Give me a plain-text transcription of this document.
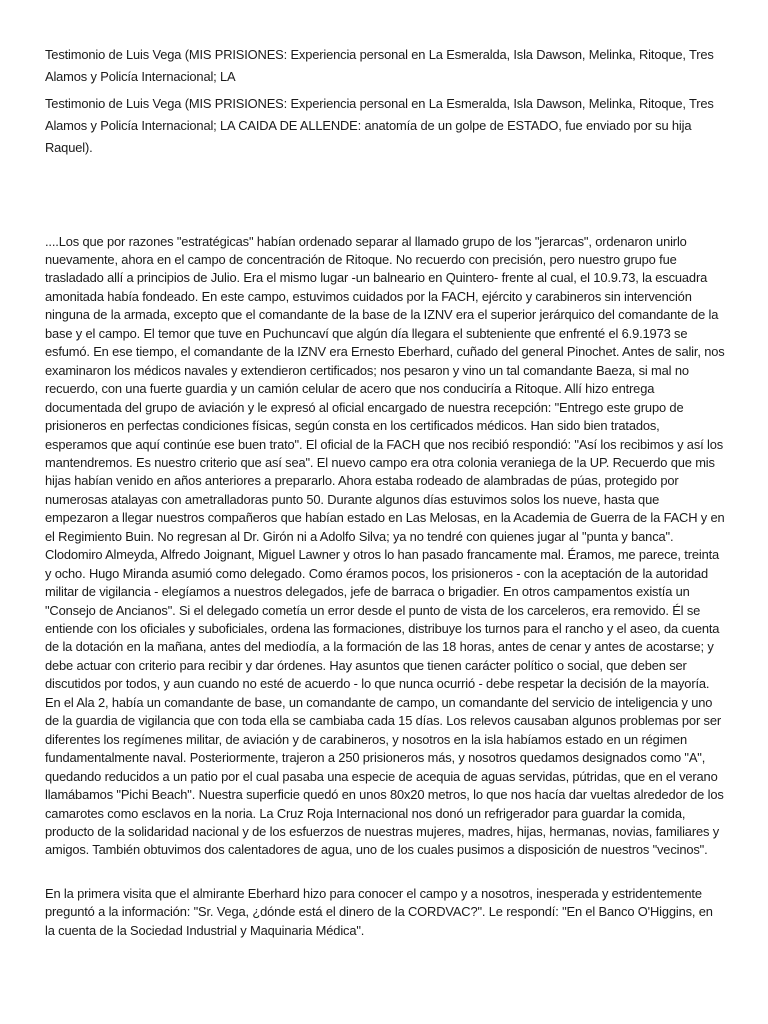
Testimonio de Luis Vega (MIS PRISIONES: Experiencia personal en La Esmeralda, Isla Dawson, Melinka, Ritoque, Tres Alamos y Policía Internacional; LA

Testimonio de Luis Vega (MIS PRISIONES: Experiencia personal en La Esmeralda, Isla Dawson, Melinka, Ritoque, Tres Alamos y Policía Internacional; LA CAIDA DE ALLENDE: anatomía de un golpe de ESTADO, fue enviado por su hija Raquel).

....Los que por razones "estratégicas" habían ordenado separar al llamado grupo de los "jerarcas", ordenaron unirlo nuevamente, ahora en el campo de concentración de Ritoque. No recuerdo con precisión, pero nuestro grupo fue trasladado allí a principios de Julio. Era el mismo lugar -un balneario en Quintero- frente al cual, el 10.9.73, la escuadra amonitada había fondeado. En este campo, estuvimos cuidados por la FACH, ejército y carabineros sin intervención ninguna de la armada, excepto que el comandante de la base de la IZNV era el superior jerárquico del comandante de la base y el campo. El temor que tuve en Puchuncaví que algún día llegara el subteniente que enfrenté el 6.9.1973 se esfumó. En ese tiempo, el comandante de la IZNV era Ernesto Eberhard, cuñado del general Pinochet. Antes de salir, nos examinaron los médicos navales y extendieron certificados; nos pesaron y vino un tal comandante Baeza, si mal no recuerdo, con una fuerte guardia y un camión celular de acero que nos conduciría a Ritoque. Allí hizo entrega documentada del grupo de aviación y le expresó al oficial encargado de nuestra recepción: "Entrego este grupo de prisioneros en perfectas condiciones físicas, según consta en los certificados médicos. Han sido bien tratados, esperamos que aquí continúe ese buen trato". El oficial de la FACH que nos recibió respondió: "Así los recibimos y así los mantendremos. Es nuestro criterio que así sea". El nuevo campo era otra colonia veraniega de la UP. Recuerdo que mis hijas habían venido en años anteriores a prepararlo. Ahora estaba rodeado de alambradas de púas, protegido por numerosas atalayas con ametralladoras punto 50. Durante algunos días estuvimos solos los nueve, hasta que empezaron a llegar nuestros compañeros que habían estado en Las Melosas, en la Academia de Guerra de la FACH y en el Regimiento Buin. No regresan al Dr. Girón ni a Adolfo Silva; ya no tendré con quienes jugar al "punta y banca". Clodomiro Almeyda, Alfredo Joignant, Miguel Lawner y otros lo han pasado francamente mal. Éramos, me parece, treinta y ocho. Hugo Miranda asumió como delegado. Como éramos pocos, los prisioneros - con la aceptación de la autoridad militar de vigilancia - elegíamos a nuestros delegados, jefe de barraca o brigadier. En otros campamentos existía un "Consejo de Ancianos". Si el delegado cometía un error desde el punto de vista de los carceleros, era removido. Él se entiende con los oficiales y suboficiales, ordena las formaciones, distribuye los turnos para el rancho y el aseo, da cuenta de la dotación en la mañana, antes del mediodía, a la formación de las 18 horas, antes de cenar y antes de acostarse; y debe actuar con criterio para recibir y dar órdenes. Hay asuntos que tienen carácter político o social, que deben ser discutidos por todos, y aun cuando no esté de acuerdo - lo que nunca ocurrió - debe respetar la decisión de la mayoría. En el Ala 2, había un comandante de base, un comandante de campo, un comandante del servicio de inteligencia y uno de la guardia de vigilancia que con toda ella se cambiaba cada 15 días. Los relevos causaban algunos problemas por ser diferentes los regímenes militar, de aviación y de carabineros, y nosotros en la isla habíamos estado en un régimen fundamentalmente naval. Posteriormente, trajeron a 250 prisioneros más, y nosotros quedamos designados como "A", quedando reducidos a un patio por el cual pasaba una especie de acequia de aguas servidas, pútridas, que en el verano llamábamos "Pichi Beach". Nuestra superficie quedó en unos 80x20 metros, lo que nos hacía dar vueltas alrededor de los camarotes como esclavos en la noria. La Cruz Roja Internacional nos donó un refrigerador para guardar la comida, producto de la solidaridad nacional y de los esfuerzos de nuestras mujeres, madres, hijas, hermanas, novias, familiares y amigos. También obtuvimos dos calentadores de agua, uno de los cuales pusimos a disposición de nuestros "vecinos".

En la primera visita que el almirante Eberhard hizo para conocer el campo y a nosotros, inesperada y estridentemente preguntó a la información: "Sr. Vega, ¿dónde está el dinero de la CORDVAC?". Le respondí: "En el Banco O'Higgins, en la cuenta de la Sociedad Industrial y Maquinaria Médica".
